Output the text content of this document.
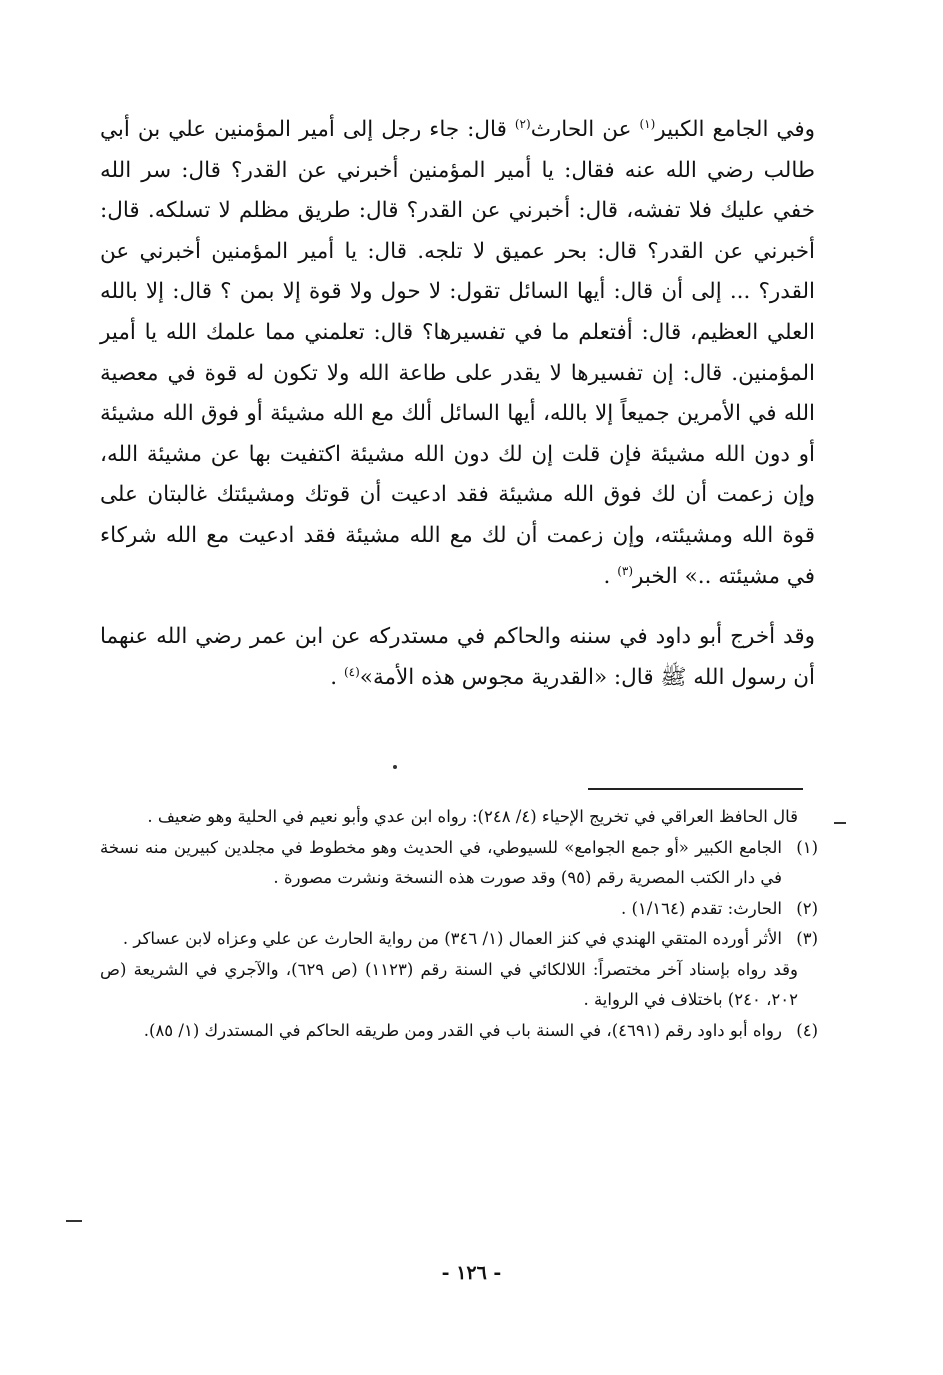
وفي الجامع الكبير$^{(١)}$ عن الحارث$^{(٢)}$ قال: جاء رجل إلى أمير المؤمنين علي بن أبي طالب رضي الله عنه فقال: يا أمير المؤمنين أخبرني عن القدر؟ قال: سر الله خفي عليك فلا تفشه، قال: أخبرني عن القدر؟ قال: طريق مظلم لا تسلكه. قال: أخبرني عن القدر؟ قال: بحر عميق لا تلجه. قال: يا أمير المؤمنين أخبرني عن القدر؟ ... إلى أن قال: أيها السائل تقول: لا حول ولا قوة إلا بمن ؟ قال: إلا بالله العلي العظيم، قال: أفتعلم ما في تفسيرها؟ قال: تعلمني مما علمك الله يا أمير المؤمنين. قال: إن تفسيرها لا يقدر على طاعة الله ولا تكون له قوة في معصية الله في الأمرين جميعاً إلا بالله، أيها السائل ألك مع الله مشيئة أو فوق الله مشيئة أو دون الله مشيئة فإن قلت إن لك دون الله مشيئة اكتفيت بها عن مشيئة الله، وإن زعمت أن لك فوق الله مشيئة فقد ادعيت أن قوتك ومشيئتك غالبتان على قوة الله ومشيئته، وإن زعمت أن لك مع الله مشيئة فقد ادعيت مع الله شركاء في مشيئته ..» الخبر$^{(٣)}$ .

وقد أخرج أبو داود في سننه والحاكم في مستدركه عن ابن عمر رضي الله عنهما أن رسول الله ﷺ قال: «القدرية مجوس هذه الأمة»$^{(٤)}$ .

قال الحافظ العراقي في تخريج الإحياء (٤/ ٢٤٨): رواه ابن عدي وأبو نعيم في الحلية وهو ضعيف .
(١)
الجامع الكبير «أو جمع الجوامع» للسيوطي، في الحديث وهو مخطوط في مجلدين كبيرين منه نسخة في دار الكتب المصرية رقم (٩٥) وقد صورت هذه النسخة ونشرت مصورة .
(٢)
الحارث: تقدم (١/١٦٤) .
(٣)
الأثر أورده المتقي الهندي في كنز العمال (١/ ٣٤٦) من رواية الحارث عن علي وعزاه لابن عساكر .
وقد رواه بإسناد آخر مختصراً: اللالكائي في السنة رقم (١١٢٣) (ص ٦٢٩)، والآجري في الشريعة (ص ٢٠٢، ٢٤٠) باختلاف في الرواية .
(٤)
رواه أبو داود رقم (٤٦٩١)، في السنة باب في القدر ومن طريقه الحاكم في المستدرك (١/ ٨٥).
- ١٢٦ -
